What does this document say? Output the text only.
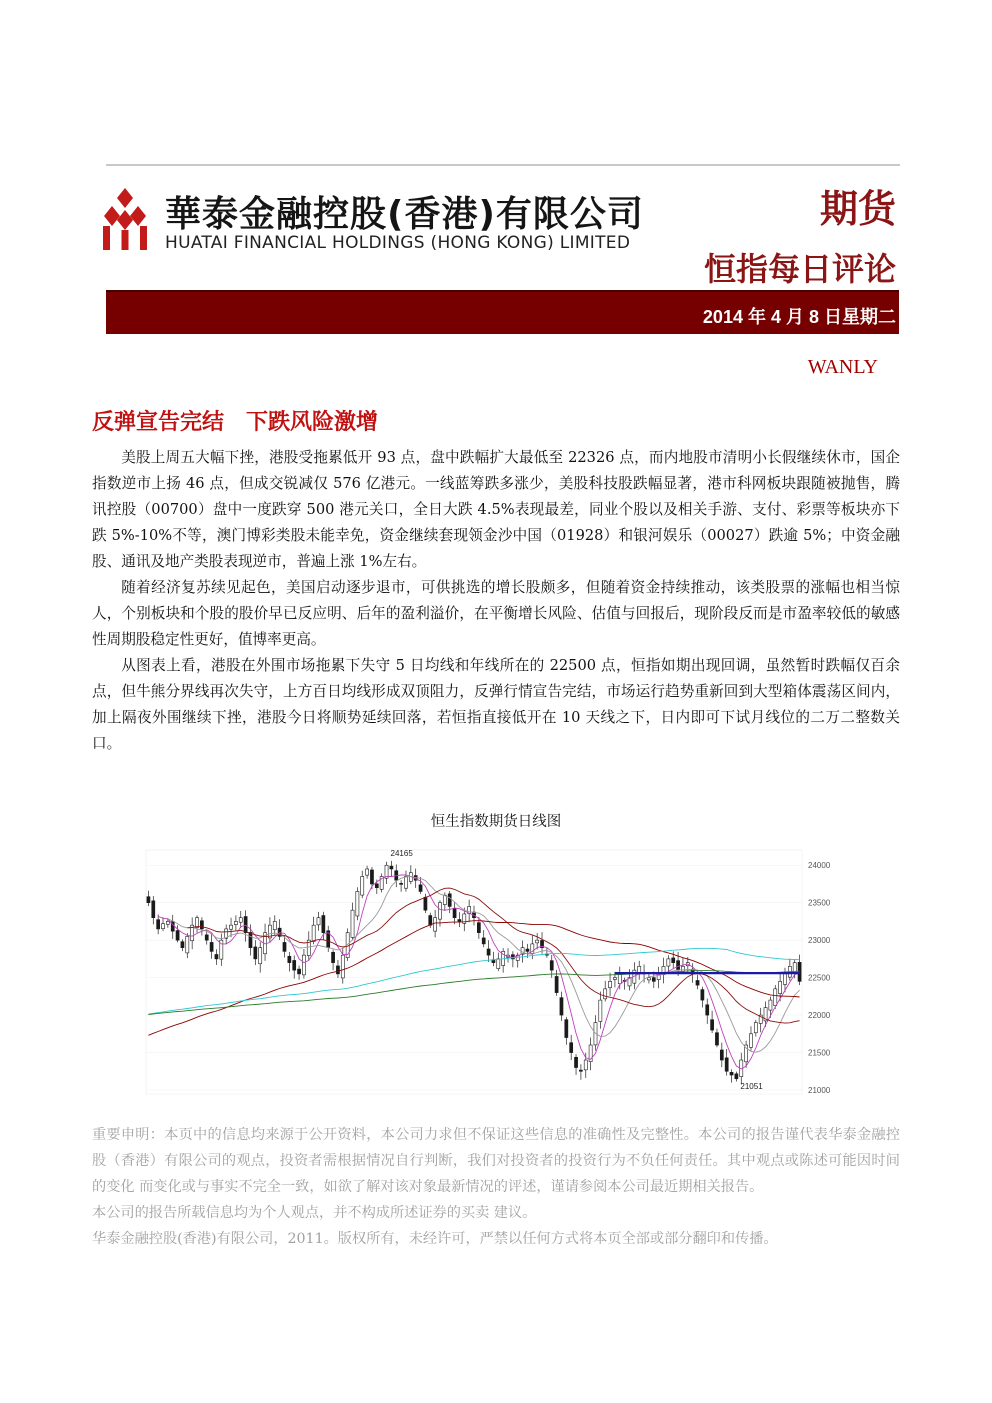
華泰金融控股(香港)有限公司
HUATAI FINANCIAL HOLDINGS (HONG KONG) LIMITED
期货
恒指每日评论
2014 年 4 月 8 日星期二
WANLY
反弹宣告完结　下跌风险激增

美股上周五大幅下挫，港股受拖累低开 93 点，盘中跌幅扩大最低至 22326 点，而内地股市清明小长假继续休市，国企指数逆市上扬 46 点，但成交锐减仅 576 亿港元。一线蓝筹跌多涨少，美股科技股跌幅显著，港市科网板块跟随被抛售，腾讯控股（00700）盘中一度跌穿 500 港元关口，全日大跌 4.5%表现最差，同业个股以及相关手游、支付、彩票等板块亦下跌 5%-10%不等，澳门博彩类股未能幸免，资金继续套现领金沙中国（01928）和银河娱乐（00027）跌逾 5%；中资金融股、通讯及地产类股表现逆市，普遍上涨 1%左右。

随着经济复苏续见起色，美国启动逐步退市，可供挑选的增长股颇多，但随着资金持续推动，该类股票的涨幅也相当惊人，个别板块和个股的股价早已反应明、后年的盈利溢价，在平衡增长风险、估值与回报后，现阶段反而是市盈率较低的敏感性周期股稳定性更好，值博率更高。

从图表上看，港股在外围市场拖累下失守 5 日均线和年线所在的 22500 点，恒指如期出现回调，虽然暂时跌幅仅百余点，但牛熊分界线再次失守，上方百日均线形成双顶阻力，反弹行情宣告完结，市场运行趋势重新回到大型箱体震荡区间内，加上隔夜外围继续下挫，港股今日将顺势延续回落，若恒指直接低开在 10 天线之下，日内即可下试月线位的二万二整数关口。

恒生指数期货日线图
24000
23500
23000
22500
22000
21500
21000
24165
21051

重要申明：本页中的信息均来源于公开资料，本公司力求但不保证这些信息的准确性及完整性。本公司的报告谨代表华泰金融控股（香港）有限公司的观点，投资者需根据情况自行判断，我们对投资者的投资行为不负任何责任。其中观点或陈述可能因时间的变化 而变化或与事实不完全一致，如欲了解对该对象最新情况的评述，谨请参阅本公司最近期相关报告。

本公司的报告所载信息均为个人观点，并不构成所述证券的买卖 建议。

华泰金融控股(香港)有限公司，2011。版权所有，未经许可，严禁以任何方式将本页全部或部分翻印和传播。
